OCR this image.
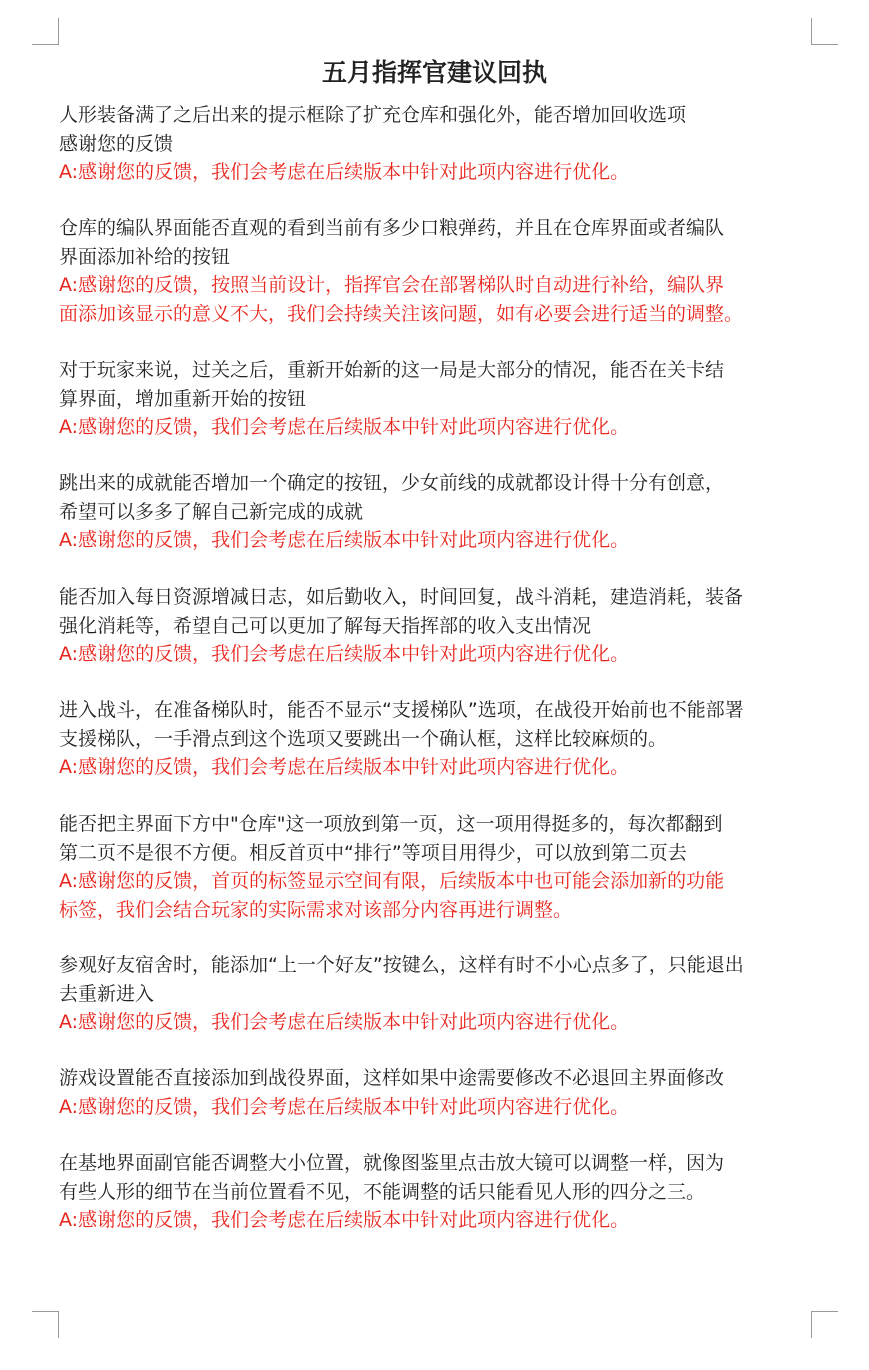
五月指挥官建议回执
人形装备满了之后出来的提示框除了扩充仓库和强化外，能否增加回收选项
感谢您的反馈
A:感谢您的反馈，我们会考虑在后续版本中针对此项内容进行优化。
仓库的编队界面能否直观的看到当前有多少口粮弹药，并且在仓库界面或者编队
界面添加补给的按钮
A:感谢您的反馈，按照当前设计，指挥官会在部署梯队时自动进行补给，编队界
面添加该显示的意义不大，我们会持续关注该问题，如有必要会进行适当的调整。
对于玩家来说，过关之后，重新开始新的这一局是大部分的情况，能否在关卡结
算界面，增加重新开始的按钮
A:感谢您的反馈，我们会考虑在后续版本中针对此项内容进行优化。
跳出来的成就能否增加一个确定的按钮，少女前线的成就都设计得十分有创意，
希望可以多多了解自己新完成的成就
A:感谢您的反馈，我们会考虑在后续版本中针对此项内容进行优化。
能否加入每日资源增减日志，如后勤收入，时间回复，战斗消耗，建造消耗，装备
强化消耗等，希望自己可以更加了解每天指挥部的收入支出情况
A:感谢您的反馈，我们会考虑在后续版本中针对此项内容进行优化。
进入战斗，在准备梯队时，能否不显示“支援梯队”选项，在战役开始前也不能部署
支援梯队，一手滑点到这个选项又要跳出一个确认框，这样比较麻烦的。
A:感谢您的反馈，我们会考虑在后续版本中针对此项内容进行优化。
能否把主界面下方中"仓库"这一项放到第一页，这一项用得挺多的，每次都翻到
第二页不是很不方便。相反首页中“排行”等项目用得少，可以放到第二页去
A:感谢您的反馈，首页的标签显示空间有限，后续版本中也可能会添加新的功能
标签，我们会结合玩家的实际需求对该部分内容再进行调整。
参观好友宿舍时，能添加“上一个好友”按键么，这样有时不小心点多了，只能退出
去重新进入
A:感谢您的反馈，我们会考虑在后续版本中针对此项内容进行优化。
游戏设置能否直接添加到战役界面，这样如果中途需要修改不必退回主界面修改
A:感谢您的反馈，我们会考虑在后续版本中针对此项内容进行优化。
在基地界面副官能否调整大小位置，就像图鉴里点击放大镜可以调整一样，因为
有些人形的细节在当前位置看不见，不能调整的话只能看见人形的四分之三。
A:感谢您的反馈，我们会考虑在后续版本中针对此项内容进行优化。
